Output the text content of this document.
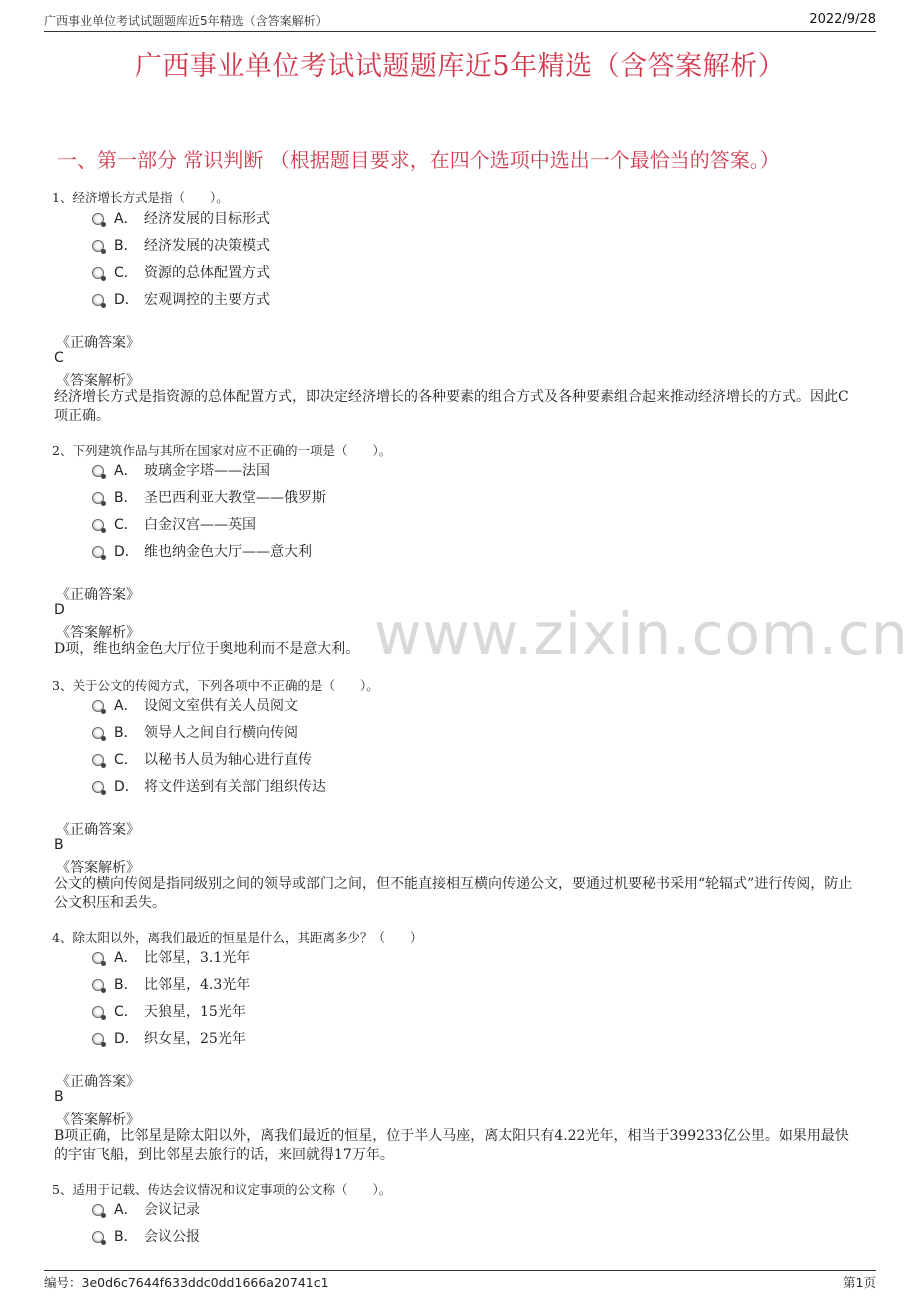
广西事业单位考试试题题库近5年精选（含答案解析）	2022/9/28
广西事业单位考试试题题库近5年精选（含答案解析）
一、第一部分 常识判断 （根据题目要求，在四个选项中选出一个最恰当的答案。）
1、经济增长方式是指（　　）。
A． 经济发展的目标形式
B． 经济发展的决策模式
C． 资源的总体配置方式
D． 宏观调控的主要方式
《正确答案》
C
《答案解析》
经济增长方式是指资源的总体配置方式，即决定经济增长的各种要素的组合方式及各种要素组合起来推动经济增长的方式。因此C项正确。
2、下列建筑作品与其所在国家对应不正确的一项是（　　）。
A． 玻璃金字塔——法国
B． 圣巴西利亚大教堂——俄罗斯
C． 白金汉宫——英国
D． 维也纳金色大厅——意大利
《正确答案》
D
《答案解析》
D项，维也纳金色大厅位于奥地利而不是意大利。
3、关于公文的传阅方式，下列各项中不正确的是（　　）。
A． 设阅文室供有关人员阅文
B． 领导人之间自行横向传阅
C． 以秘书人员为轴心进行直传
D． 将文件送到有关部门组织传达
《正确答案》
B
《答案解析》
公文的横向传阅是指同级别之间的领导或部门之间，但不能直接相互横向传递公文，要通过机要秘书采用“轮辐式”进行传阅，防止公文积压和丢失。
4、除太阳以外，离我们最近的恒星是什么，其距离多少？（　　）
A． 比邻星，3.1光年
B． 比邻星，4.3光年
C． 天狼星，15光年
D． 织女星，25光年
《正确答案》
B
《答案解析》
B项正确，比邻星是除太阳以外，离我们最近的恒星，位于半人马座，离太阳只有4.22光年，相当于399233亿公里。如果用最快的宇宙飞船，到比邻星去旅行的话，来回就得17万年。
5、适用于记载、传达会议情况和议定事项的公文称（　　）。
A． 会议记录
B． 会议公报
www.zixin.com.cn
编号：3e0d6c7644f633ddc0dd1666a20741c1	第1页
